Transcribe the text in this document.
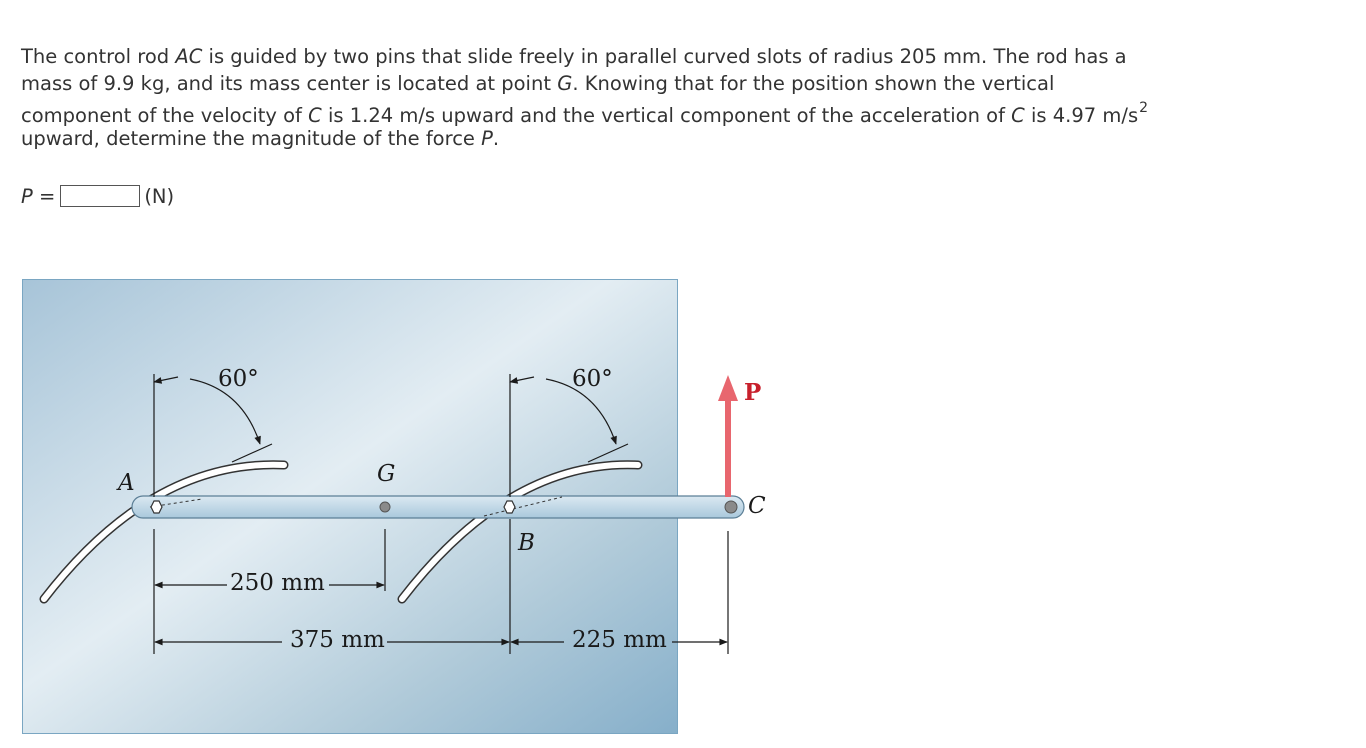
The control rod AC is guided by two pins that slide freely in parallel curved slots of radius 205 mm. The rod has a

mass of 9.9 kg, and its mass center is located at point G. Knowing that for the position shown the vertical

component of the velocity of C is 1.24 m/s upward and the vertical component of the acceleration of C is 4.97 $m/s^2$

upward, determine the magnitude of the force P.

P =	(N)
60°	60°
A	G
B
C
P
250 mm
375 mm	225 mm
